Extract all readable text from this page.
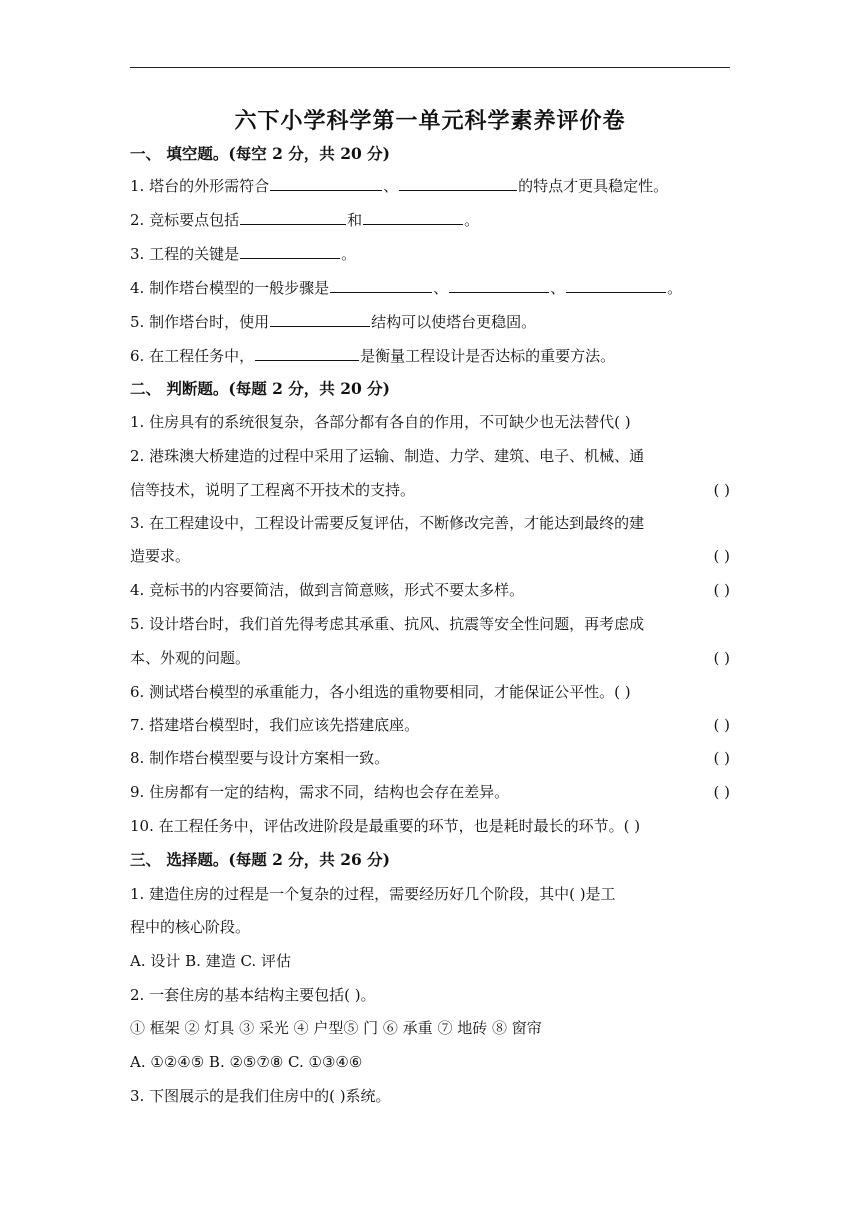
六下小学科学第一单元科学素养评价卷
一、 填空题。(每空 2 分，共 20 分)
1. 塔台的外形需符合	、	的特点才更具稳定性。
2. 竞标要点包括	和	。
3. 工程的关键是	。
4. 制作塔台模型的一般步骤是	、	、	。
5. 制作塔台时，使用	结构可以使塔台更稳固。
6. 在工程任务中，	是衡量工程设计是否达标的重要方法。
二、 判断题。(每题 2 分，共 20 分)
1. 住房具有的系统很复杂，各部分都有各自的作用，不可缺少也无法替代( )
2. 港珠澳大桥建造的过程中采用了运输、制造、力学、建筑、电子、机械、通
信等技术，说明了工程离不开技术的支持。	( )
3. 在工程建设中，工程设计需要反复评估，不断修改完善，才能达到最终的建
造要求。	( )
4. 竞标书的内容要简洁，做到言简意赅，形式不要太多样。	( )
5. 设计塔台时，我们首先得考虑其承重、抗风、抗震等安全性问题，再考虑成
本、外观的问题。	( )
6. 测试塔台模型的承重能力，各小组选的重物要相同，才能保证公平性。( )
7. 搭建塔台模型时，我们应该先搭建底座。	( )
8. 制作塔台模型要与设计方案相一致。	( )
9. 住房都有一定的结构，需求不同，结构也会存在差异。	( )
10. 在工程任务中，评估改进阶段是最重要的环节，也是耗时最长的环节。( )
三、 选择题。(每题 2 分，共 26 分)
1. 建造住房的过程是一个复杂的过程，需要经历好几个阶段，其中( )是工
程中的核心阶段。
A. 设计 B. 建造 C. 评估
2. 一套住房的基本结构主要包括( )。
① 框架 ② 灯具 ③ 采光 ④ 户型⑤ 门 ⑥ 承重 ⑦ 地砖 ⑧ 窗帘
A. ①②④⑤ B. ②⑤⑦⑧ C. ①③④⑥
3. 下图展示的是我们住房中的( )系统。
